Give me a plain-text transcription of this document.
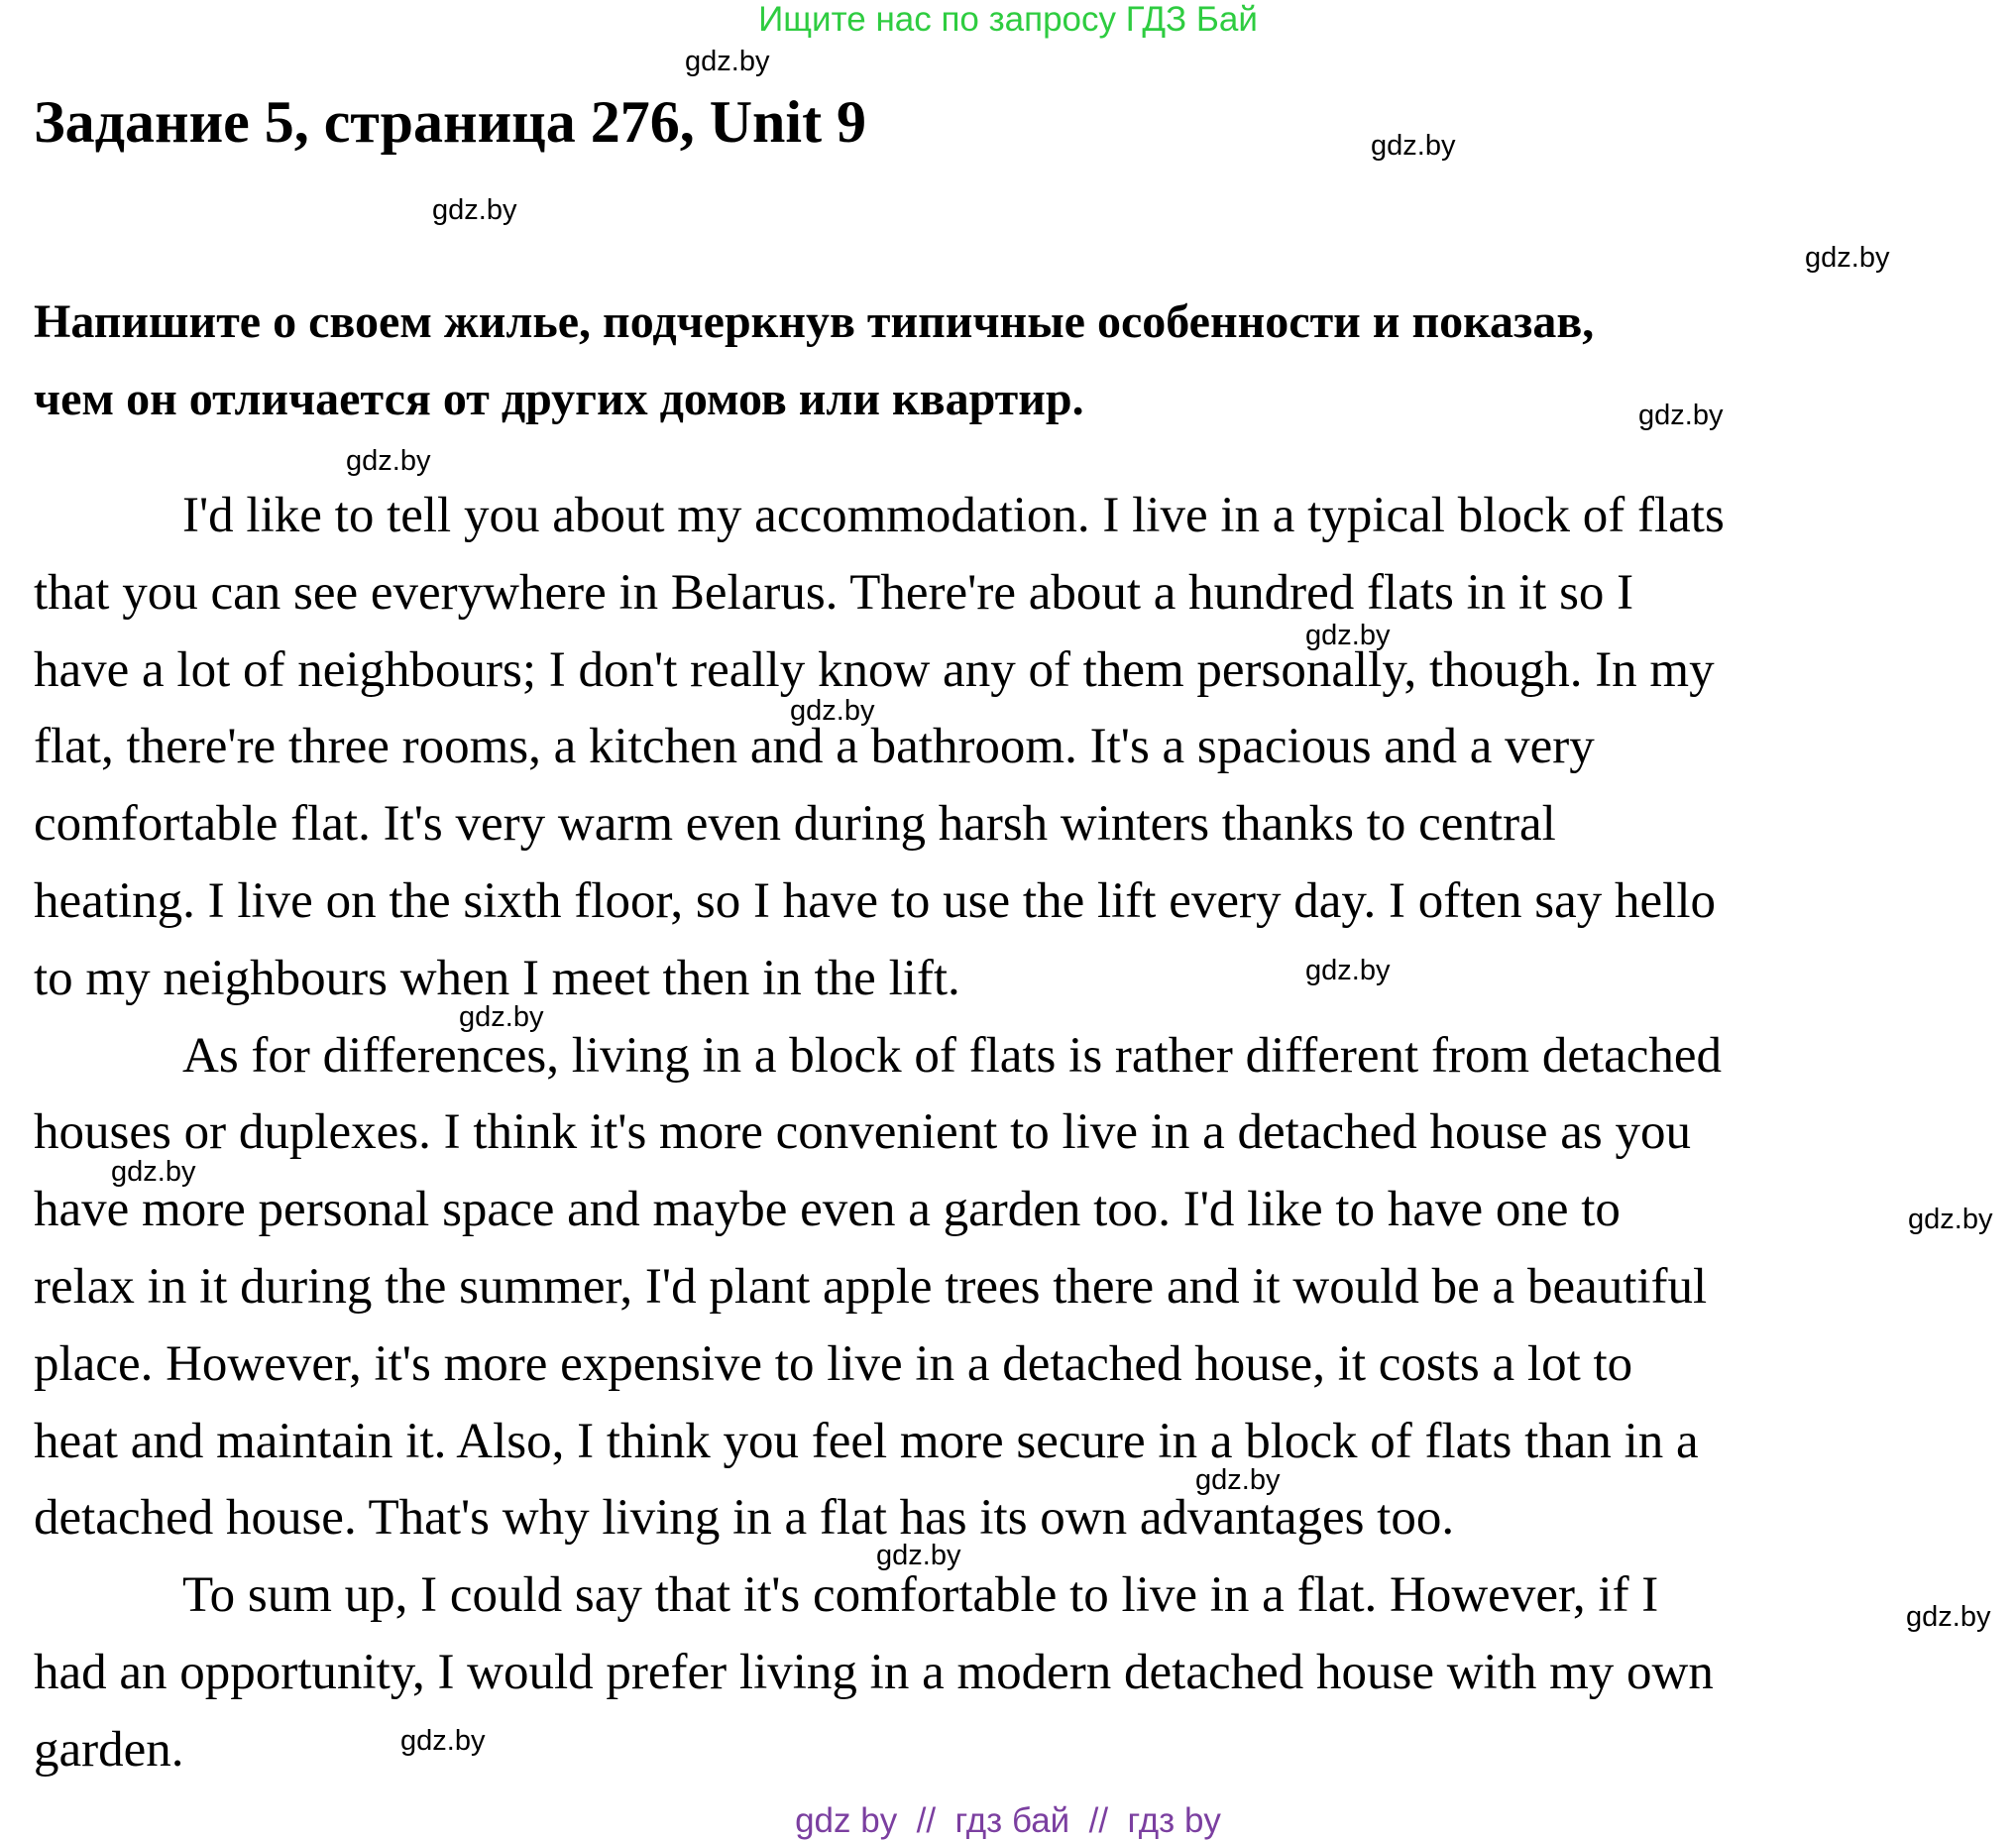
Ищите нас по запросу ГДЗ Бай
Задание 5, страница 276, Unit 9
Напишите о своем жилье, подчеркнув типичные особенности и показав,
чем он отличается от других домов или квартир.
I'd like to tell you about my accommodation. I live in a typical block of flats
that you can see everywhere in Belarus. There're about a hundred flats in it so I
have a lot of neighbours; I don't really know any of them personally, though. In my
flat, there're three rooms, a kitchen and a bathroom. It's a spacious and a very
comfortable flat. It's very warm even during harsh winters thanks to central
heating. I live on the sixth floor, so I have to use the lift every day. I often say hello
to my neighbours when I meet then in the lift.
As for differences, living in a block of flats is rather different from detached
houses or duplexes. I think it's more convenient to live in a detached house as you
have more personal space and maybe even a garden too. I'd like to have one to
relax in it during the summer, I'd plant apple trees there and it would be a beautiful
place. However, it's more expensive to live in a detached house, it costs a lot to
heat and maintain it. Also, I think you feel more secure in a block of flats than in a
detached house. That's why living in a flat has its own advantages too.
To sum up, I could say that it's comfortable to live in a flat. However, if I
had an opportunity, I would prefer living in a modern detached house with my own
garden.
gdz.by
gdz.by
gdz.by
gdz.by
gdz.by
gdz.by
gdz.by
gdz.by
gdz.by
gdz.by
gdz.by
gdz.by
gdz.by
gdz.by
gdz.by
gdz.by
gdz by  //  гдз бай  //  гдз by
